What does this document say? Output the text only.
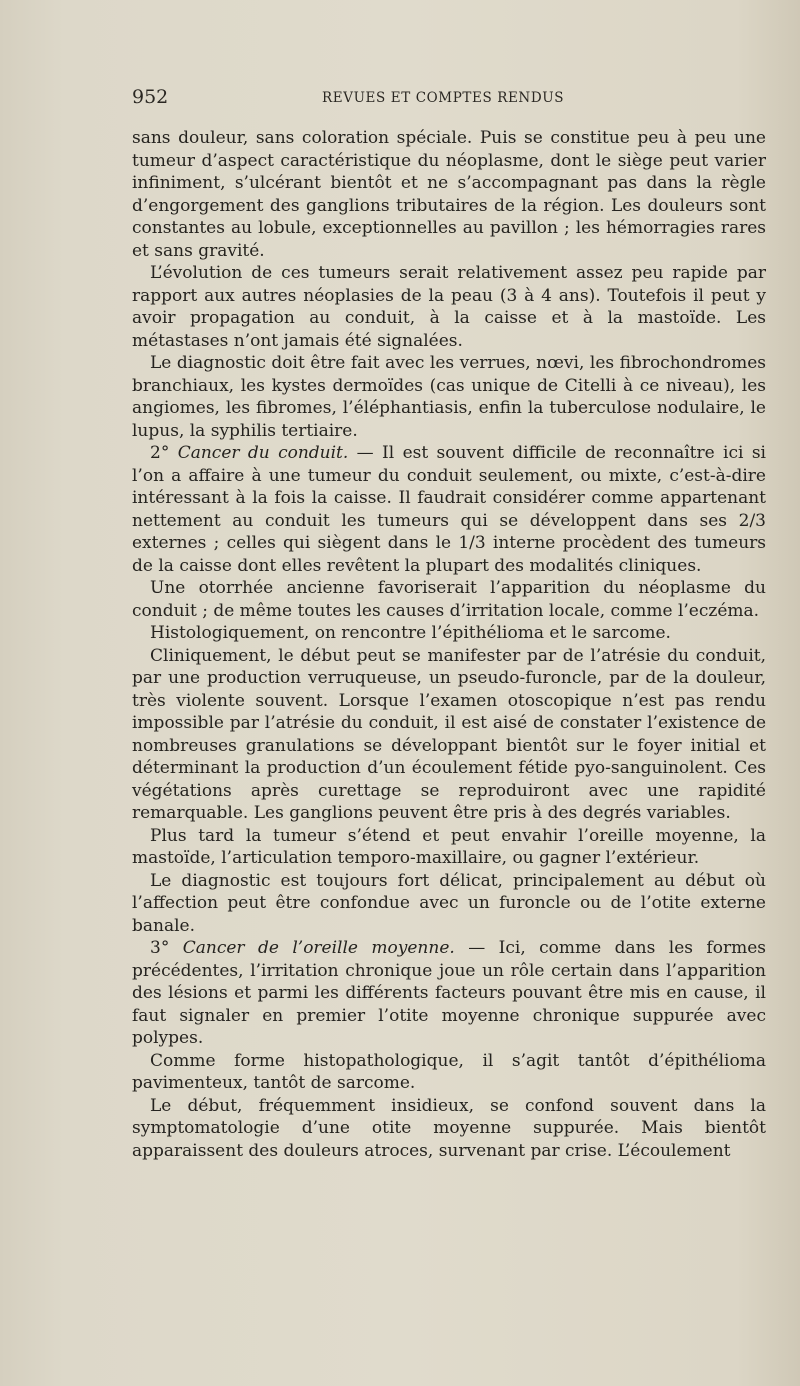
952	REVUES ET COMPTES RENDUS

sans douleur, sans coloration spéciale. Puis se constitue peu à peu une tumeur d’aspect caractéristique du néoplasme, dont le siège peut varier infiniment, s’ulcérant bientôt et ne s’accompagnant pas dans la règle d’engorgement des ganglions tributaires de la région. Les douleurs sont constantes au lobule, exceptionnelles au pavillon ; les hémorragies rares et sans gravité.

L’évolution de ces tumeurs serait relativement assez peu rapide par rapport aux autres néoplasies de la peau (3 à 4 ans). Toutefois il peut y avoir propagation au conduit, à la caisse et à la mastoïde. Les métastases n’ont jamais été signalées.

Le diagnostic doit être fait avec les verrues, nœvi, les fibrochondromes branchiaux, les kystes dermoïdes (cas unique de Citelli à ce niveau), les angiomes, les fibromes, l’éléphantiasis, enfin la tuberculose nodulaire, le lupus, la syphilis tertiaire.

2° Cancer du conduit. — Il est souvent difficile de reconnaître ici si l’on a affaire à une tumeur du conduit seulement, ou mixte, c’est-à-dire intéressant à la fois la caisse. Il faudrait considérer comme appartenant nettement au conduit les tumeurs qui se développent dans ses 2/3 externes ; celles qui siègent dans le 1/3 interne procèdent des tumeurs de la caisse dont elles revêtent la plupart des modalités cliniques.

Une otorrhée ancienne favoriserait l’apparition du néoplasme du conduit ; de même toutes les causes d’irritation locale, comme l’eczéma.

Histologiquement, on rencontre l’épithélioma et le sarcome.

Cliniquement, le début peut se manifester par de l’atrésie du conduit, par une production verruqueuse, un pseudo-furoncle, par de la douleur, très violente souvent. Lorsque l’examen otoscopique n’est pas rendu impossible par l’atrésie du conduit, il est aisé de constater l’existence de nombreuses granulations se développant bientôt sur le foyer initial et déterminant la production d’un écoulement fétide pyo-sanguinolent. Ces végétations après curettage se reproduiront avec une rapidité remarquable. Les ganglions peuvent être pris à des degrés variables.

Plus tard la tumeur s’étend et peut envahir l’oreille moyenne, la mastoïde, l’articulation temporo-maxillaire, ou gagner l’extérieur.

Le diagnostic est toujours fort délicat, principalement au début où l’affection peut être confondue avec un furoncle ou de l’otite externe banale.

3° Cancer de l’oreille moyenne. — Ici, comme dans les formes précédentes, l’irritation chronique joue un rôle certain dans l’apparition des lésions et parmi les différents facteurs pouvant être mis en cause, il faut signaler en premier l’otite moyenne chronique suppurée avec polypes.

Comme forme histopathologique, il s’agit tantôt d’épithélioma pavimenteux, tantôt de sarcome.

Le début, fréquemment insidieux, se confond souvent dans la symptomatologie d’une otite moyenne suppurée. Mais bientôt apparaissent des douleurs atroces, survenant par crise. L’écoulement
